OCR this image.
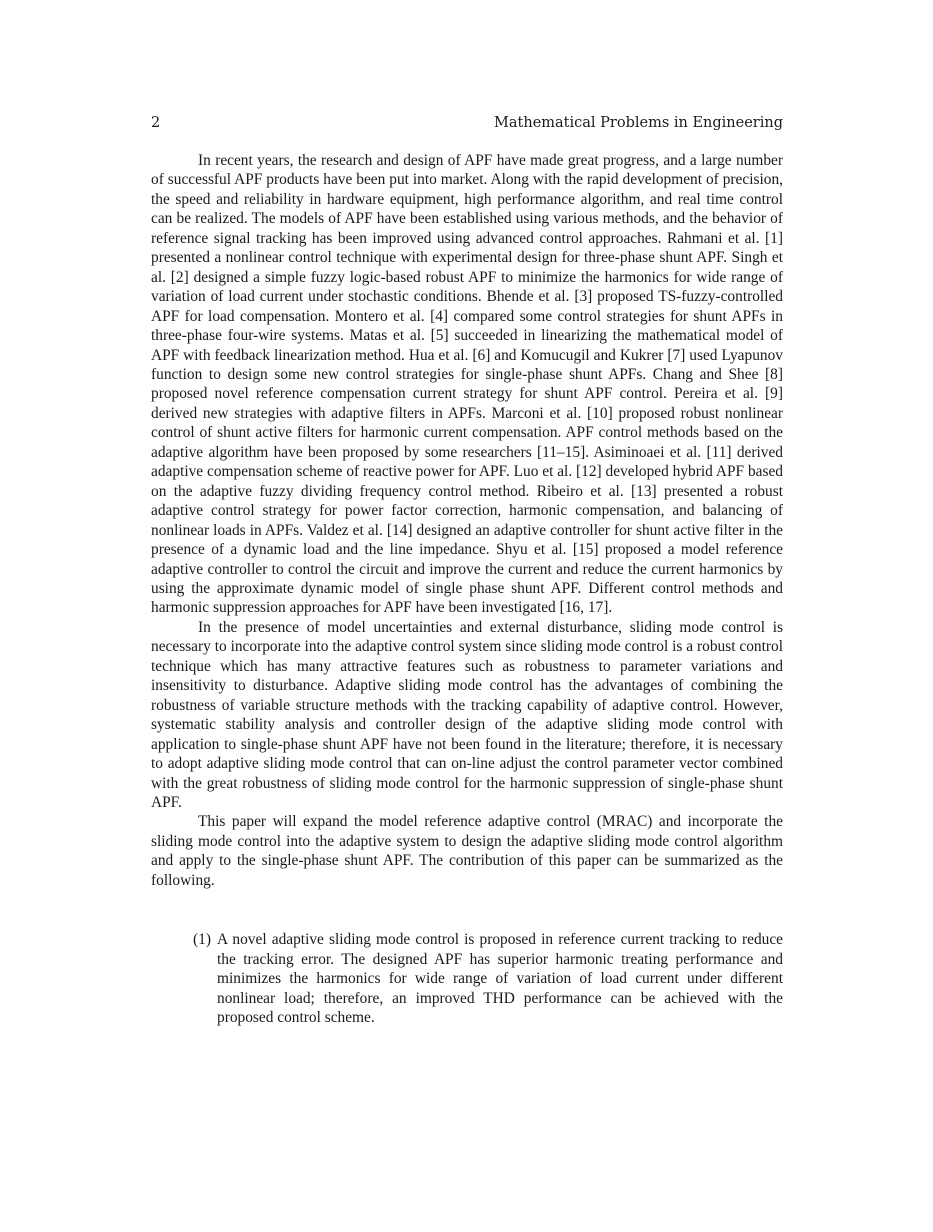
2	Mathematical Problems in Engineering

In recent years, the research and design of APF have made great progress, and a large number of successful APF products have been put into market. Along with the rapid development of precision, the speed and reliability in hardware equipment, high performance algorithm, and real time control can be realized. The models of APF have been established using various methods, and the behavior of reference signal tracking has been improved using advanced control approaches. Rahmani et al. [1] presented a nonlinear control technique with experimental design for three-phase shunt APF. Singh et al. [2] designed a simple fuzzy logic-based robust APF to minimize the harmonics for wide range of variation of load current under stochastic conditions. Bhende et al. [3] proposed TS-fuzzy-controlled APF for load compensation. Montero et al. [4] compared some control strategies for shunt APFs in three-phase four-wire systems. Matas et al. [5] succeeded in linearizing the mathematical model of APF with feedback linearization method. Hua et al. [6] and Komucugil and Kukrer [7] used Lyapunov function to design some new control strategies for single-phase shunt APFs. Chang and Shee [8] proposed novel reference compensation current strategy for shunt APF control. Pereira et al. [9] derived new strategies with adaptive filters in APFs. Marconi et al. [10] proposed robust nonlinear control of shunt active filters for harmonic current compensation. APF control methods based on the adaptive algorithm have been proposed by some researchers [11–15]. Asiminoaei et al. [11] derived adaptive compensation scheme of reactive power for APF. Luo et al. [12] developed hybrid APF based on the adaptive fuzzy dividing frequency control method. Ribeiro et al. [13] presented a robust adaptive control strategy for power factor correction, harmonic compensation, and balancing of nonlinear loads in APFs. Valdez et al. [14] designed an adaptive controller for shunt active filter in the presence of a dynamic load and the line impedance. Shyu et al. [15] proposed a model reference adaptive controller to control the circuit and improve the current and reduce the current harmonics by using the approximate dynamic model of single phase shunt APF. Different control methods and harmonic suppression approaches for APF have been investigated [16, 17].

In the presence of model uncertainties and external disturbance, sliding mode control is necessary to incorporate into the adaptive control system since sliding mode control is a robust control technique which has many attractive features such as robustness to parameter variations and insensitivity to disturbance. Adaptive sliding mode control has the advantages of combining the robustness of variable structure methods with the tracking capability of adaptive control. However, systematic stability analysis and controller design of the adaptive sliding mode control with application to single-phase shunt APF have not been found in the literature; therefore, it is necessary to adopt adaptive sliding mode control that can on-line adjust the control parameter vector combined with the great robustness of sliding mode control for the harmonic suppression of single-phase shunt APF.

This paper will expand the model reference adaptive control (MRAC) and incorporate the sliding mode control into the adaptive system to design the adaptive sliding mode control algorithm and apply to the single-phase shunt APF. The contribution of this paper can be summarized as the following.

(1) A novel adaptive sliding mode control is proposed in reference current tracking to reduce the tracking error. The designed APF has superior harmonic treating performance and minimizes the harmonics for wide range of variation of load current under different nonlinear load; therefore, an improved THD performance can be achieved with the proposed control scheme.
